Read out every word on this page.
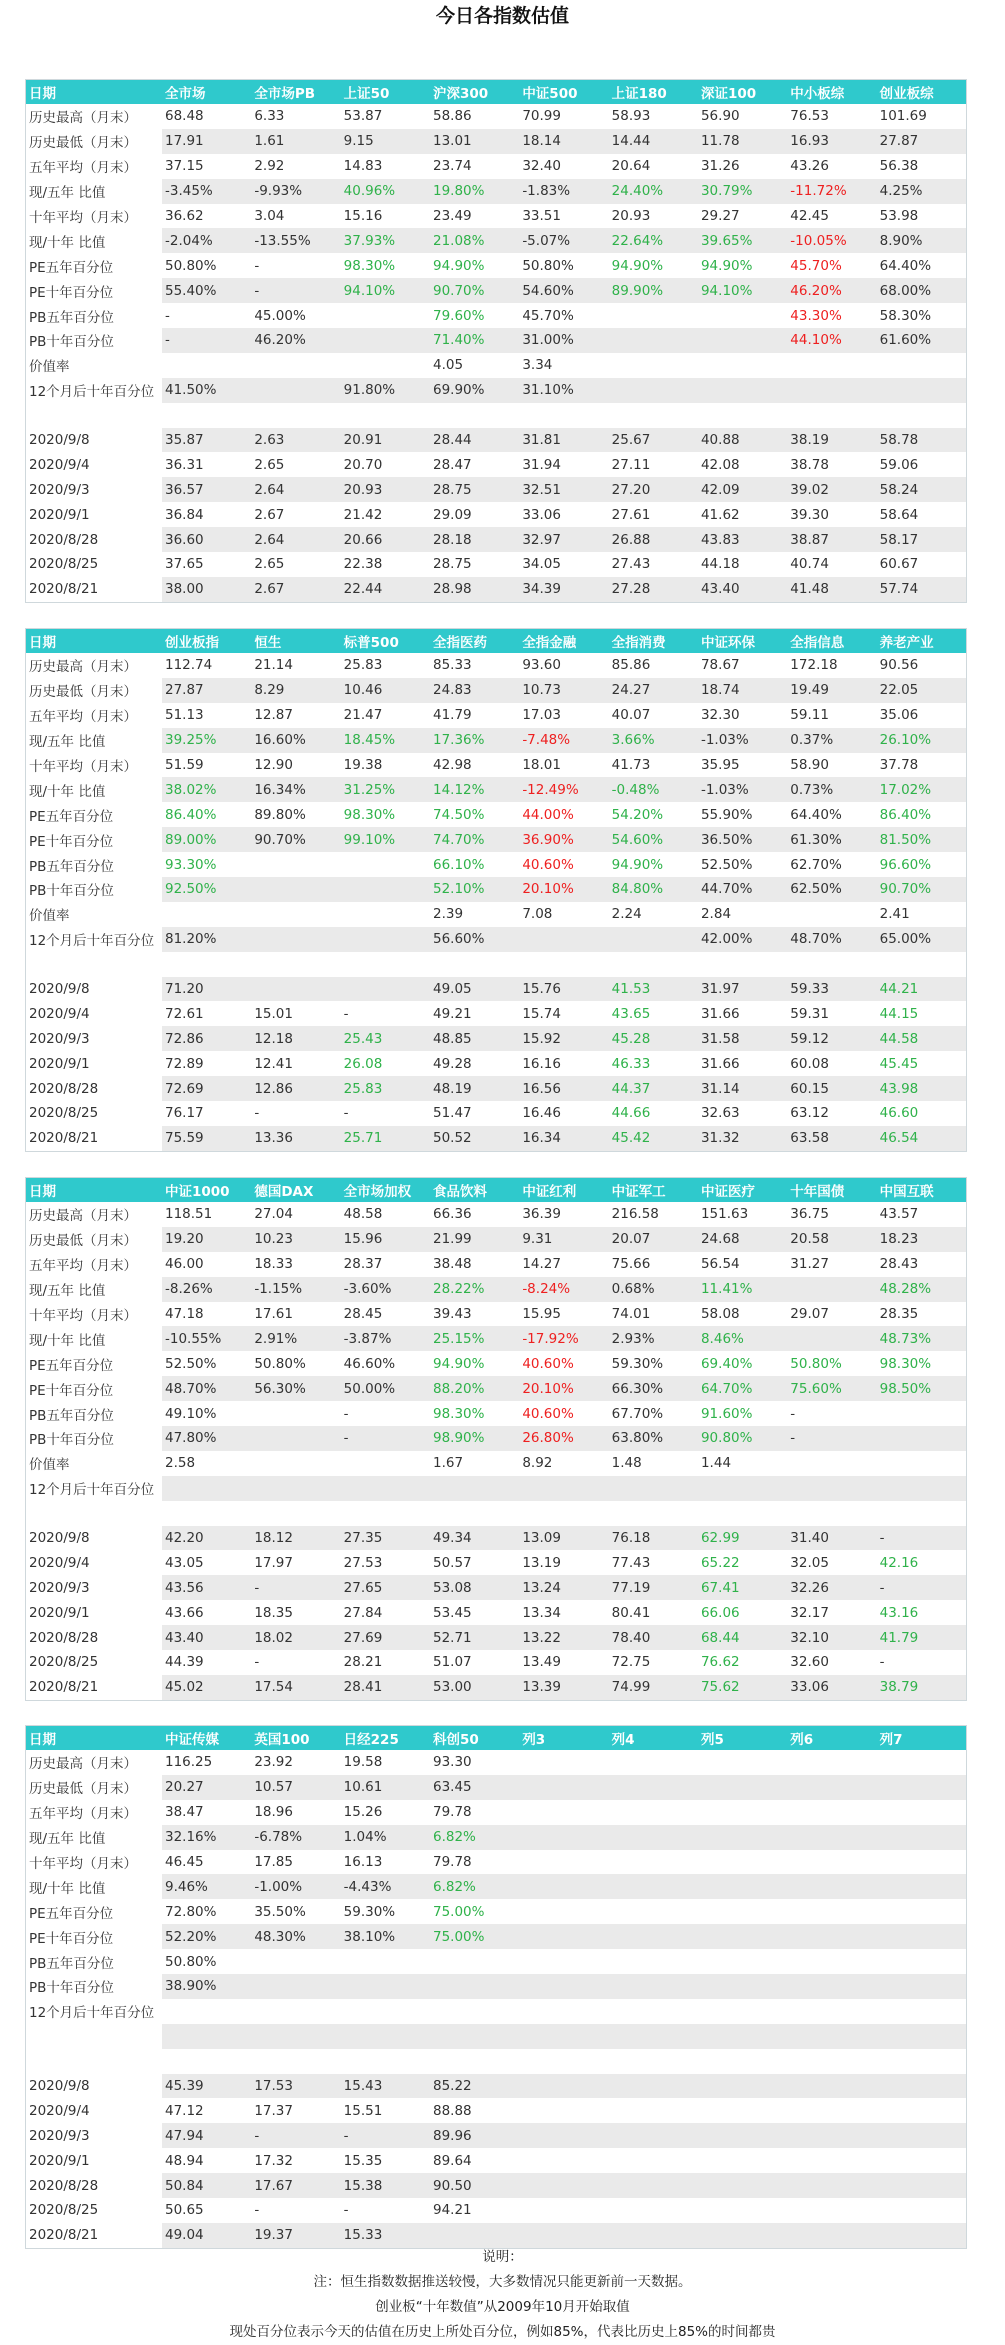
今日各指数估值
日期	全市场	全市场PB	上证50	沪深300	中证500	上证180	深证100	中小板综	创业板综
历史最高（月末）	68.48	6.33	53.87	58.86	70.99	58.93	56.90	76.53	101.69
历史最低（月末）	17.91	1.61	9.15	13.01	18.14	14.44	11.78	16.93	27.87
五年平均（月末）	37.15	2.92	14.83	23.74	32.40	20.64	31.26	43.26	56.38
现/五年 比值	-3.45%	-9.93%	40.96%	19.80%	-1.83%	24.40%	30.79%	-11.72%	4.25%
十年平均（月末）	36.62	3.04	15.16	23.49	33.51	20.93	29.27	42.45	53.98
现/十年 比值	-2.04%	-13.55%	37.93%	21.08%	-5.07%	22.64%	39.65%	-10.05%	8.90%
PE五年百分位	50.80%	-	98.30%	94.90%	50.80%	94.90%	94.90%	45.70%	64.40%
PE十年百分位	55.40%	-	94.10%	90.70%	54.60%	89.90%	94.10%	46.20%	68.00%
PB五年百分位	-	45.00%		79.60%	45.70%			43.30%	58.30%
PB十年百分位	-	46.20%		71.40%	31.00%			44.10%	61.60%
价值率				4.05	3.34				
12个月后十年百分位	41.50%		91.80%	69.90%	31.10%				

2020/9/8	35.87	2.63	20.91	28.44	31.81	25.67	40.88	38.19	58.78
2020/9/4	36.31	2.65	20.70	28.47	31.94	27.11	42.08	38.78	59.06
2020/9/3	36.57	2.64	20.93	28.75	32.51	27.20	42.09	39.02	58.24
2020/9/1	36.84	2.67	21.42	29.09	33.06	27.61	41.62	39.30	58.64
2020/8/28	36.60	2.64	20.66	28.18	32.97	26.88	43.83	38.87	58.17
2020/8/25	37.65	2.65	22.38	28.75	34.05	27.43	44.18	40.74	60.67
2020/8/21	38.00	2.67	22.44	28.98	34.39	27.28	43.40	41.48	57.74
日期	创业板指	恒生	标普500	全指医药	全指金融	全指消费	中证环保	全指信息	养老产业
历史最高（月末）	112.74	21.14	25.83	85.33	93.60	85.86	78.67	172.18	90.56
历史最低（月末）	27.87	8.29	10.46	24.83	10.73	24.27	18.74	19.49	22.05
五年平均（月末）	51.13	12.87	21.47	41.79	17.03	40.07	32.30	59.11	35.06
现/五年 比值	39.25%	16.60%	18.45%	17.36%	-7.48%	3.66%	-1.03%	0.37%	26.10%
十年平均（月末）	51.59	12.90	19.38	42.98	18.01	41.73	35.95	58.90	37.78
现/十年 比值	38.02%	16.34%	31.25%	14.12%	-12.49%	-0.48%	-1.03%	0.73%	17.02%
PE五年百分位	86.40%	89.80%	98.30%	74.50%	44.00%	54.20%	55.90%	64.40%	86.40%
PE十年百分位	89.00%	90.70%	99.10%	74.70%	36.90%	54.60%	36.50%	61.30%	81.50%
PB五年百分位	93.30%			66.10%	40.60%	94.90%	52.50%	62.70%	96.60%
PB十年百分位	92.50%			52.10%	20.10%	84.80%	44.70%	62.50%	90.70%
价值率				2.39	7.08	2.24	2.84		2.41
12个月后十年百分位	81.20%			56.60%			42.00%	48.70%	65.00%

2020/9/8	71.20			49.05	15.76	41.53	31.97	59.33	44.21
2020/9/4	72.61	15.01	-	49.21	15.74	43.65	31.66	59.31	44.15
2020/9/3	72.86	12.18	25.43	48.85	15.92	45.28	31.58	59.12	44.58
2020/9/1	72.89	12.41	26.08	49.28	16.16	46.33	31.66	60.08	45.45
2020/8/28	72.69	12.86	25.83	48.19	16.56	44.37	31.14	60.15	43.98
2020/8/25	76.17	-	-	51.47	16.46	44.66	32.63	63.12	46.60
2020/8/21	75.59	13.36	25.71	50.52	16.34	45.42	31.32	63.58	46.54
日期	中证1000	德国DAX	全市场加权	食品饮料	中证红利	中证军工	中证医疗	十年国债	中国互联
历史最高（月末）	118.51	27.04	48.58	66.36	36.39	216.58	151.63	36.75	43.57
历史最低（月末）	19.20	10.23	15.96	21.99	9.31	20.07	24.68	20.58	18.23
五年平均（月末）	46.00	18.33	28.37	38.48	14.27	75.66	56.54	31.27	28.43
现/五年 比值	-8.26%	-1.15%	-3.60%	28.22%	-8.24%	0.68%	11.41%		48.28%
十年平均（月末）	47.18	17.61	28.45	39.43	15.95	74.01	58.08	29.07	28.35
现/十年 比值	-10.55%	2.91%	-3.87%	25.15%	-17.92%	2.93%	8.46%		48.73%
PE五年百分位	52.50%	50.80%	46.60%	94.90%	40.60%	59.30%	69.40%	50.80%	98.30%
PE十年百分位	48.70%	56.30%	50.00%	88.20%	20.10%	66.30%	64.70%	75.60%	98.50%
PB五年百分位	49.10%		-	98.30%	40.60%	67.70%	91.60%	-	
PB十年百分位	47.80%		-	98.90%	26.80%	63.80%	90.80%	-	
价值率	2.58			1.67	8.92	1.48	1.44		
12个月后十年百分位									

2020/9/8	42.20	18.12	27.35	49.34	13.09	76.18	62.99	31.40	-
2020/9/4	43.05	17.97	27.53	50.57	13.19	77.43	65.22	32.05	42.16
2020/9/3	43.56	-	27.65	53.08	13.24	77.19	67.41	32.26	-
2020/9/1	43.66	18.35	27.84	53.45	13.34	80.41	66.06	32.17	43.16
2020/8/28	43.40	18.02	27.69	52.71	13.22	78.40	68.44	32.10	41.79
2020/8/25	44.39	-	28.21	51.07	13.49	72.75	76.62	32.60	-
2020/8/21	45.02	17.54	28.41	53.00	13.39	74.99	75.62	33.06	38.79
日期	中证传媒	英国100	日经225	科创50	列3	列4	列5	列6	列7
历史最高（月末）	116.25	23.92	19.58	93.30					
历史最低（月末）	20.27	10.57	10.61	63.45					
五年平均（月末）	38.47	18.96	15.26	79.78					
现/五年 比值	32.16%	-6.78%	1.04%	6.82%					
十年平均（月末）	46.45	17.85	16.13	79.78					
现/十年 比值	9.46%	-1.00%	-4.43%	6.82%					
PE五年百分位	72.80%	35.50%	59.30%	75.00%					
PE十年百分位	52.20%	48.30%	38.10%	75.00%					
PB五年百分位	50.80%								
PB十年百分位	38.90%								
12个月后十年百分位									

2020/9/8	45.39	17.53	15.43	85.22					
2020/9/4	47.12	17.37	15.51	88.88					
2020/9/3	47.94	-	-	89.96					
2020/9/1	48.94	17.32	15.35	89.64					
2020/8/28	50.84	17.67	15.38	90.50					
2020/8/25	50.65	-	-	94.21					
2020/8/21	49.04	19.37	15.33						
说明：
注：恒生指数数据推送较慢，大多数情况只能更新前一天数据。
创业板“十年数值”从2009年10月开始取值
现处百分位表示今天的估值在历史上所处百分位，例如85%，代表比历史上85%的时间都贵
